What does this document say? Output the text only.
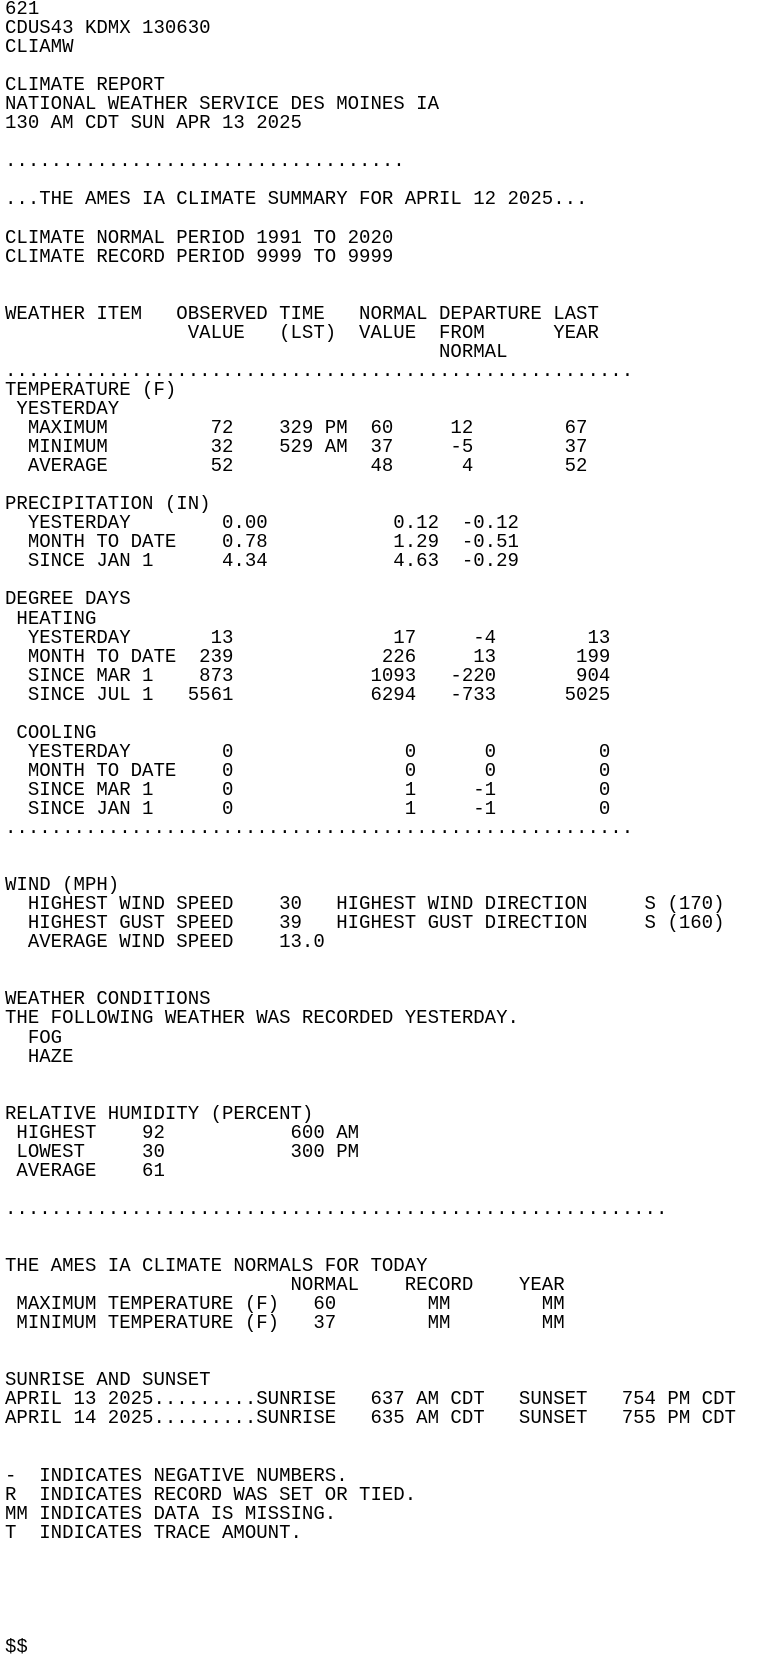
621
CDUS43 KDMX 130630
CLIAMW
CLIMATE REPORT
NATIONAL WEATHER SERVICE DES MOINES IA
130 AM CDT SUN APR 13 2025
...................................
...THE AMES IA CLIMATE SUMMARY FOR APRIL 12 2025...
CLIMATE NORMAL PERIOD 1991 TO 2020
CLIMATE RECORD PERIOD 9999 TO 9999
WEATHER ITEM   OBSERVED TIME   NORMAL DEPARTURE LAST
VALUE   (LST)  VALUE  FROM      YEAR
NORMAL
.......................................................
TEMPERATURE (F)
YESTERDAY
MAXIMUM         72    329 PM  60     12        67
MINIMUM         32    529 AM  37     -5        37
AVERAGE         52            48      4        52
PRECIPITATION (IN)
YESTERDAY        0.00           0.12  -0.12
MONTH TO DATE    0.78           1.29  -0.51
SINCE JAN 1      4.34           4.63  -0.29
DEGREE DAYS
HEATING
YESTERDAY       13              17     -4        13
MONTH TO DATE  239             226     13       199
SINCE MAR 1    873            1093   -220       904
SINCE JUL 1   5561            6294   -733      5025
COOLING
YESTERDAY        0               0      0         0
MONTH TO DATE    0               0      0         0
SINCE MAR 1      0               1     -1         0
SINCE JAN 1      0               1     -1         0
.......................................................
WIND (MPH)
HIGHEST WIND SPEED    30   HIGHEST WIND DIRECTION     S (170)
HIGHEST GUST SPEED    39   HIGHEST GUST DIRECTION     S (160)
AVERAGE WIND SPEED    13.0
WEATHER CONDITIONS
THE FOLLOWING WEATHER WAS RECORDED YESTERDAY.
FOG
HAZE
RELATIVE HUMIDITY (PERCENT)
HIGHEST    92           600 AM
LOWEST     30           300 PM
AVERAGE    61
..........................................................
THE AMES IA CLIMATE NORMALS FOR TODAY
NORMAL    RECORD    YEAR
MAXIMUM TEMPERATURE (F)   60        MM        MM
MINIMUM TEMPERATURE (F)   37        MM        MM
SUNRISE AND SUNSET
APRIL 13 2025.........SUNRISE   637 AM CDT   SUNSET   754 PM CDT
APRIL 14 2025.........SUNRISE   635 AM CDT   SUNSET   755 PM CDT
-  INDICATES NEGATIVE NUMBERS.
R  INDICATES RECORD WAS SET OR TIED.
MM INDICATES DATA IS MISSING.
T  INDICATES TRACE AMOUNT.
$$
